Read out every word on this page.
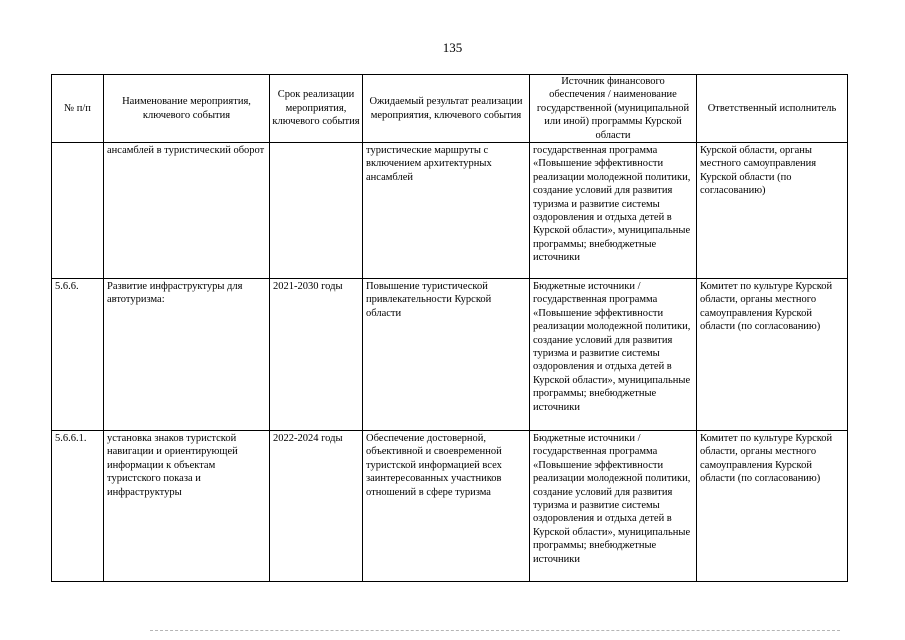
135
№ п/п	Наименование мероприятия, ключевого события	Срок реализации мероприятия, ключевого события	Ожидаемый результат реализации мероприятия, ключевого события	Источник финансового обеспечения / наименование государственной (муниципальной или иной) программы Курской области	Ответственный исполнитель
	ансамблей в туристический оборот		туристические маршруты с включением архитектурных ансамблей	государственная программа «Повышение эффективности реализации молодежной политики, создание условий для развития туризма и развитие системы оздоровления и отдыха детей в Курской области», муниципальные программы; внебюджетные источники	Курской области, органы местного самоуправления Курской области (по согласованию)
5.6.6.	Развитие инфраструктуры для автотуризма:	2021-2030 годы	Повышение туристической привлекательности Курской области	Бюджетные источники / государственная программа «Повышение эффективности реализации молодежной политики, создание условий для развития туризма и развитие системы оздоровления и отдыха детей в Курской области», муниципальные программы; внебюджетные источники	Комитет по культуре Курской области, органы местного самоуправления Курской области (по согласованию)
5.6.6.1.	установка знаков туристской навигации и ориентирующей информации к объектам туристского показа и инфраструктуры	2022-2024 годы	Обеспечение достоверной, объективной и своевременной туристской информацией всех заинтересованных участников отношений в сфере туризма	Бюджетные источники / государственная программа «Повышение эффективности реализации молодежной политики, создание условий для развития туризма и развитие системы оздоровления и отдыха детей в Курской области», муниципальные программы; внебюджетные источники	Комитет по культуре Курской области, органы местного самоуправления Курской области (по согласованию)
